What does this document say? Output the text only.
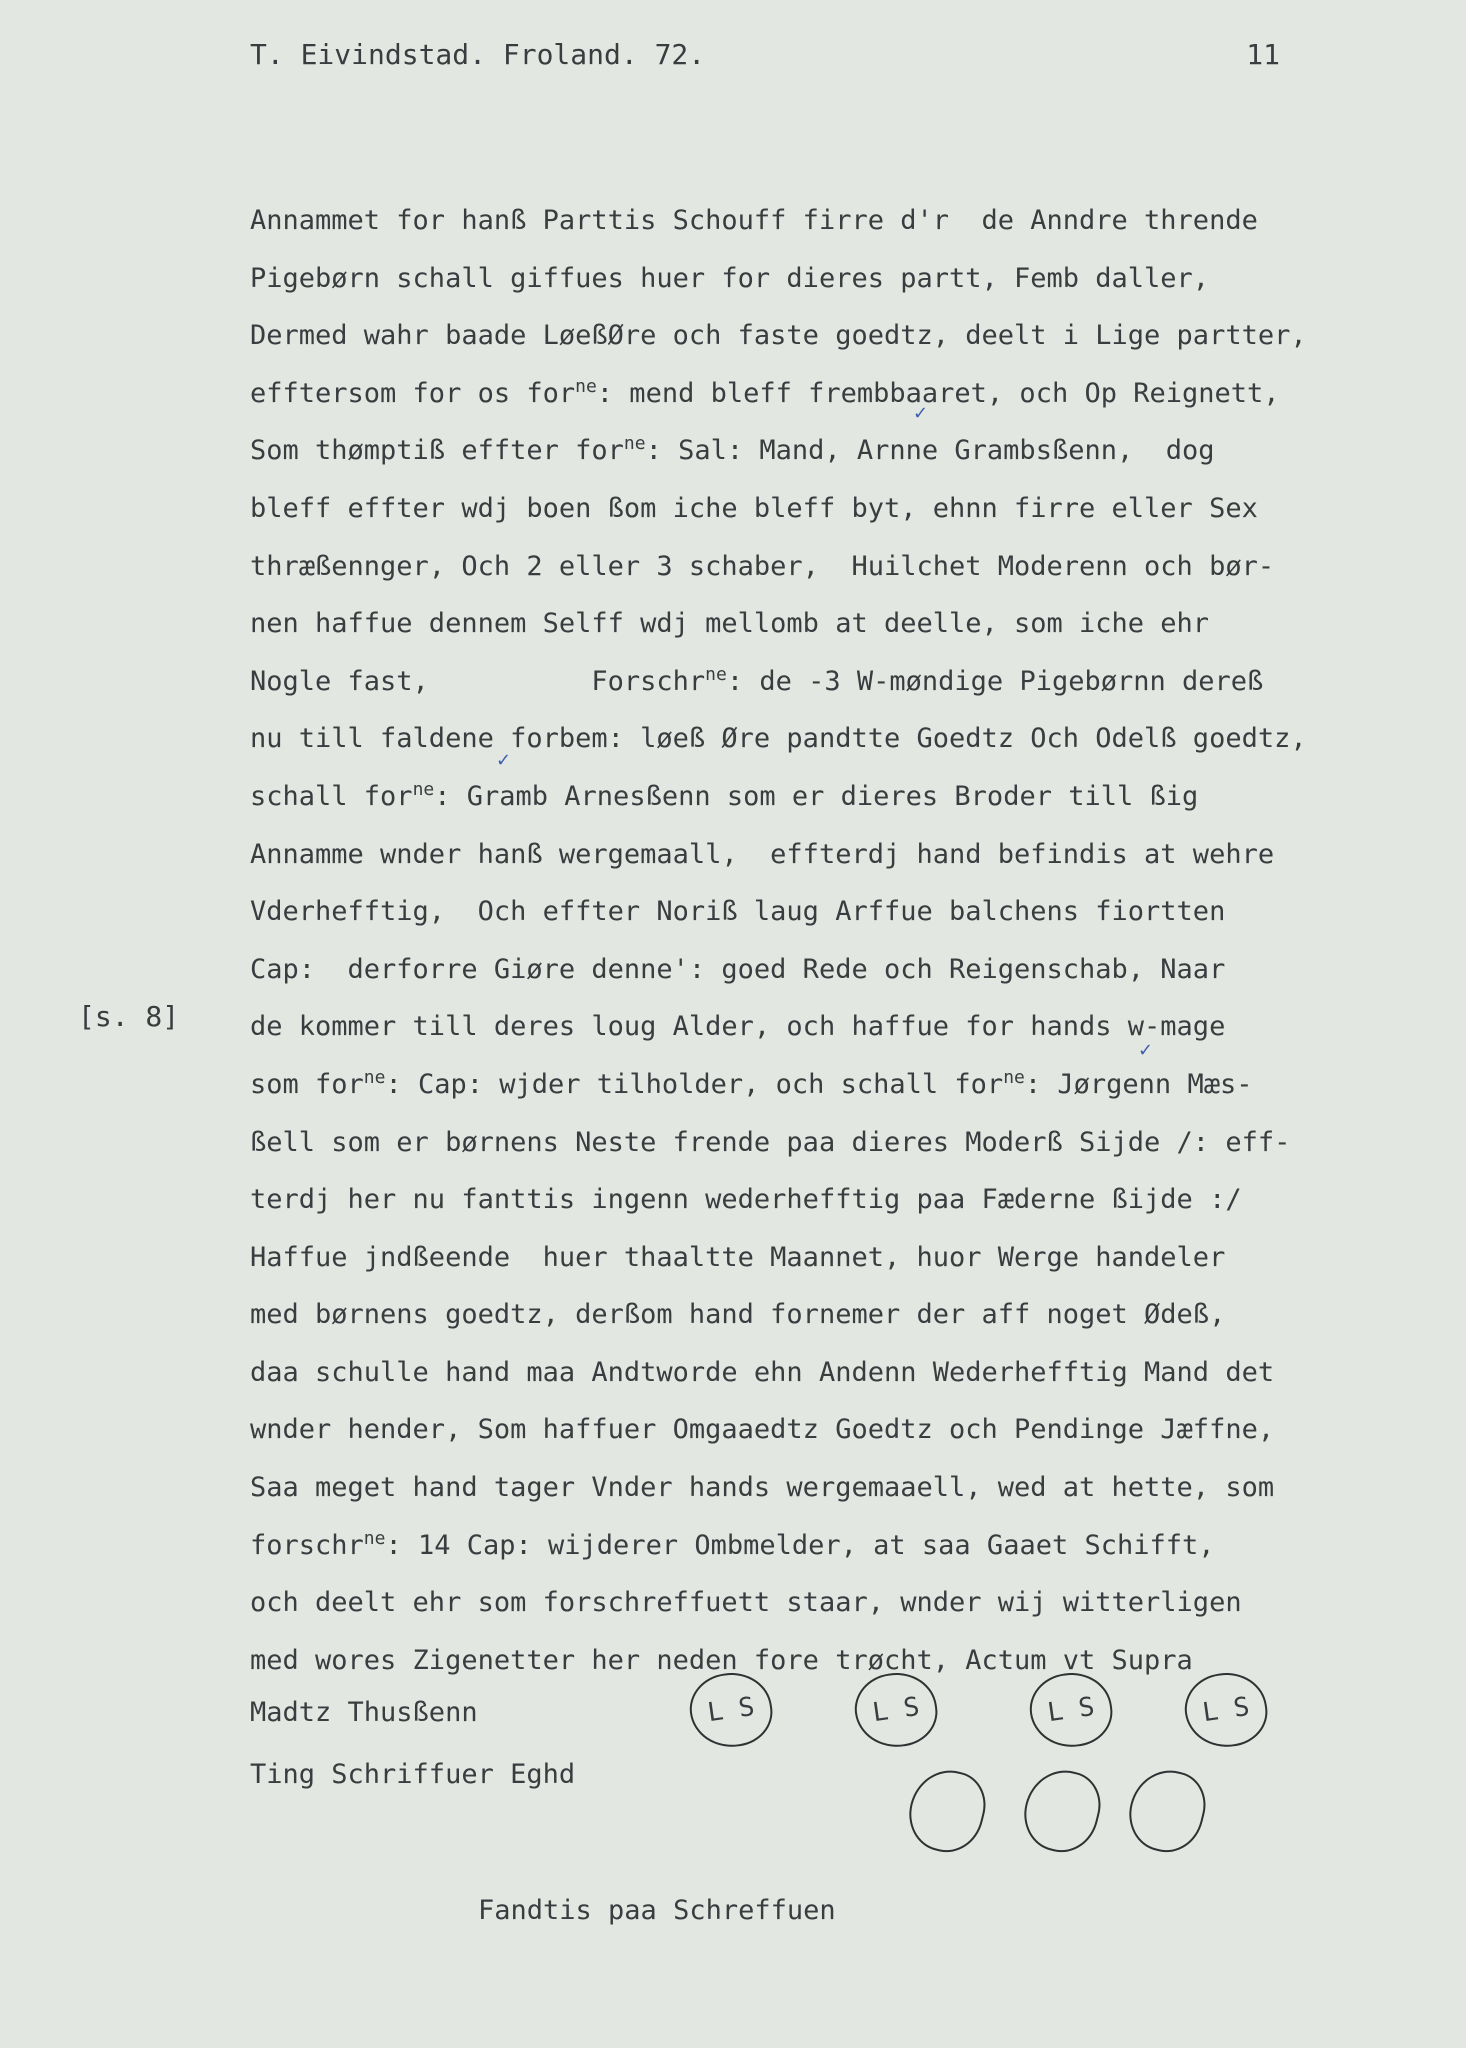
T. Eivindstad. Froland. 72.	11
[s. 8]
Annammet for hanß Parttis Schouff firre d'r  de Anndre thrende
Pigebørn schall giffues huer for dieres partt, Femb daller,
Dermed wahr baade LøeßØre och faste goedtz, deelt i Lige partter,
efftersom for os for$^{ne}$: mend bleff frembbaaret, och Op Reignett,
Som thømptiß effter for$^{ne}$: Sal: Mand, Arnne Grambsßenn,  dog
bleff effter wdj boen ßom iche bleff byt, ehnn firre eller Sex
thræßennger, Och 2 eller 3 schaber,  Huilchet Moderenn och bør-
nen haffue dennem Selff wdj mellomb at deelle, som iche ehr
Nogle fast,          Forschr$^{ne}$: de -3 W-møndige Pigebørnn dereß
nu till faldene forbem: løeß Øre pandtte Goedtz Och Odelß goedtz,
schall for$^{ne}$: Gramb Arnesßenn som er dieres Broder till ßig
Annamme wnder hanß wergemaall,  effterdj hand befindis at wehre
Vderhefftig,  Och effter Noriß laug Arffue balchens fiortten
Cap:  derforre Giøre denne': goed Rede och Reigenschab, Naar
de kommer till deres loug Alder, och haffue for hands w-mage
som for$^{ne}$: Cap: wjder tilholder, och schall for$^{ne}$: Jørgenn Mæs-
ßell som er børnens Neste frende paa dieres Moderß Sijde /: eff-
terdj her nu fanttis ingenn wederhefftig paa Fæderne ßijde :/
Haffue jndßeende  huer thaaltte Maannet, huor Werge handeler
med børnens goedtz, derßom hand fornemer der aff noget Ødeß,
daa schulle hand maa Andtworde ehn Andenn Wederhefftig Mand det
wnder hender, Som haffuer Omgaaedtz Goedtz och Pendinge Jæffne,
Saa meget hand tager Vnder hands wergemaaell, wed at hette, som
forschr$^{ne}$: 14 Cap: wijderer Ombmelder, at saa Gaaet Schifft,
och deelt ehr som forschreffuett staar, wnder wij witterligen
med wores Zigenetter her neden fore trøcht, Actum vt Supra
✓
✓
✓
Madtz Thusßenn
Ting Schriffuer Eghd
L S	L S	L S	L S
Fandtis paa Schreffuen
